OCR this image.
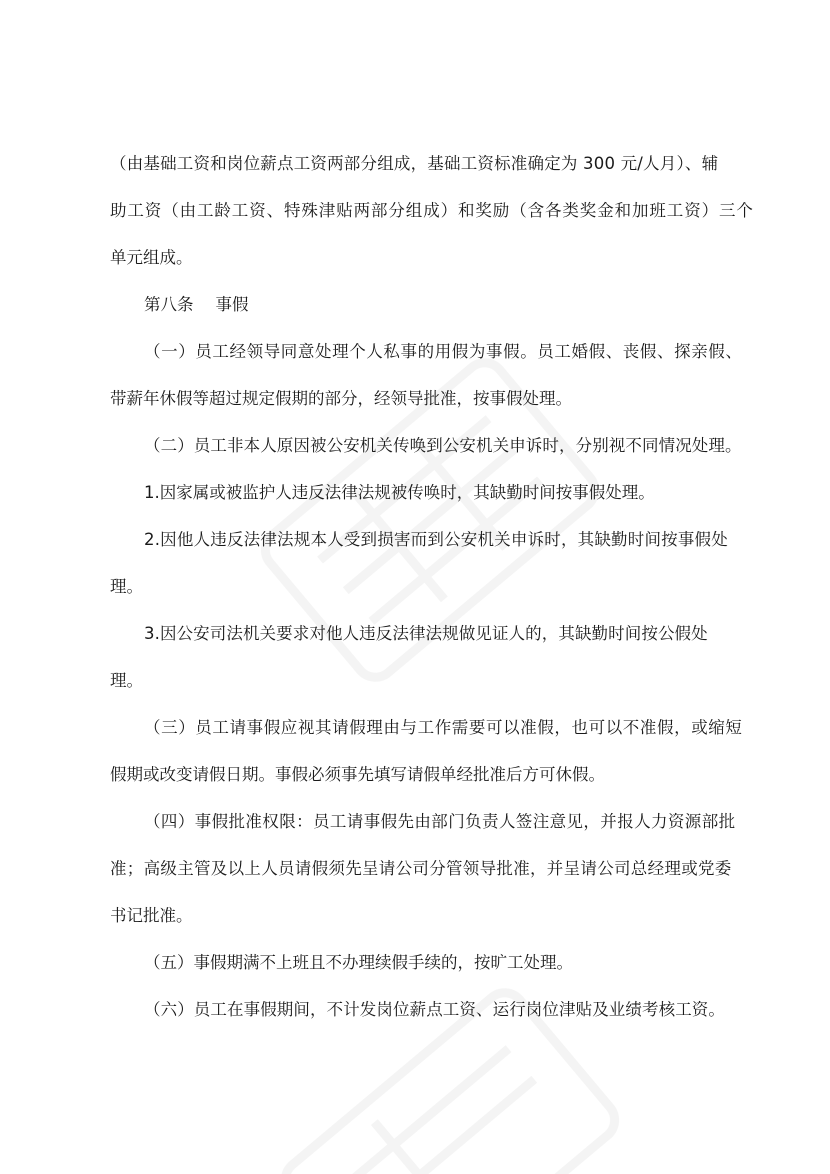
（由基础工资和岗位薪点工资两部分组成，基础工资标准确定为 300 元/人月）、辅
助工资（由工龄工资、特殊津贴两部分组成）和奖励（含各类奖金和加班工资）三个
单元组成。
第八条 事假
（一）员工经领导同意处理个人私事的用假为事假。员工婚假、丧假、探亲假、
带薪年休假等超过规定假期的部分，经领导批准，按事假处理。
（二）员工非本人原因被公安机关传唤到公安机关申诉时，分别视不同情况处理。
1.因家属或被监护人违反法律法规被传唤时，其缺勤时间按事假处理。
2.因他人违反法律法规本人受到损害而到公安机关申诉时，其缺勤时间按事假处
理。
3.因公安司法机关要求对他人违反法律法规做见证人的，其缺勤时间按公假处
理。
（三）员工请事假应视其请假理由与工作需要可以准假，也可以不准假，或缩短
假期或改变请假日期。事假必须事先填写请假单经批准后方可休假。
（四）事假批准权限：员工请事假先由部门负责人签注意见，并报人力资源部批
准；高级主管及以上人员请假须先呈请公司分管领导批准，并呈请公司总经理或党委
书记批准。
（五）事假期满不上班且不办理续假手续的，按旷工处理。
（六）员工在事假期间，不计发岗位薪点工资、运行岗位津贴及业绩考核工资。
